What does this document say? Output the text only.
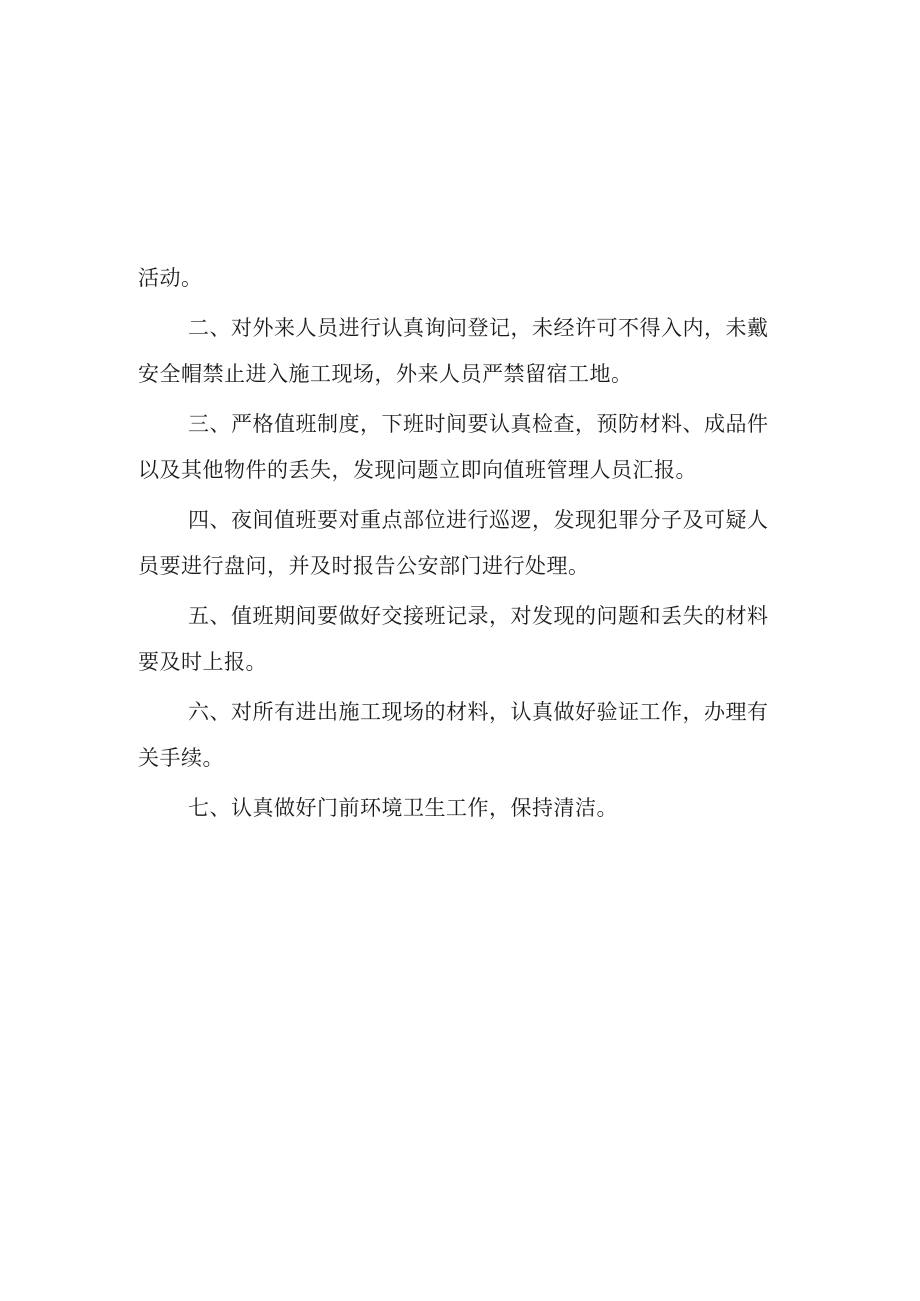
活动。

二、对外来人员进行认真询问登记，未经许可不得入内，未戴安全帽禁止进入施工现场，外来人员严禁留宿工地。

三、严格值班制度，下班时间要认真检查，预防材料、成品件以及其他物件的丢失，发现问题立即向值班管理人员汇报。

四、夜间值班要对重点部位进行巡逻，发现犯罪分子及可疑人员要进行盘问，并及时报告公安部门进行处理。

五、值班期间要做好交接班记录，对发现的问题和丢失的材料要及时上报。

六、对所有进出施工现场的材料，认真做好验证工作，办理有关手续。

七、认真做好门前环境卫生工作，保持清洁。
